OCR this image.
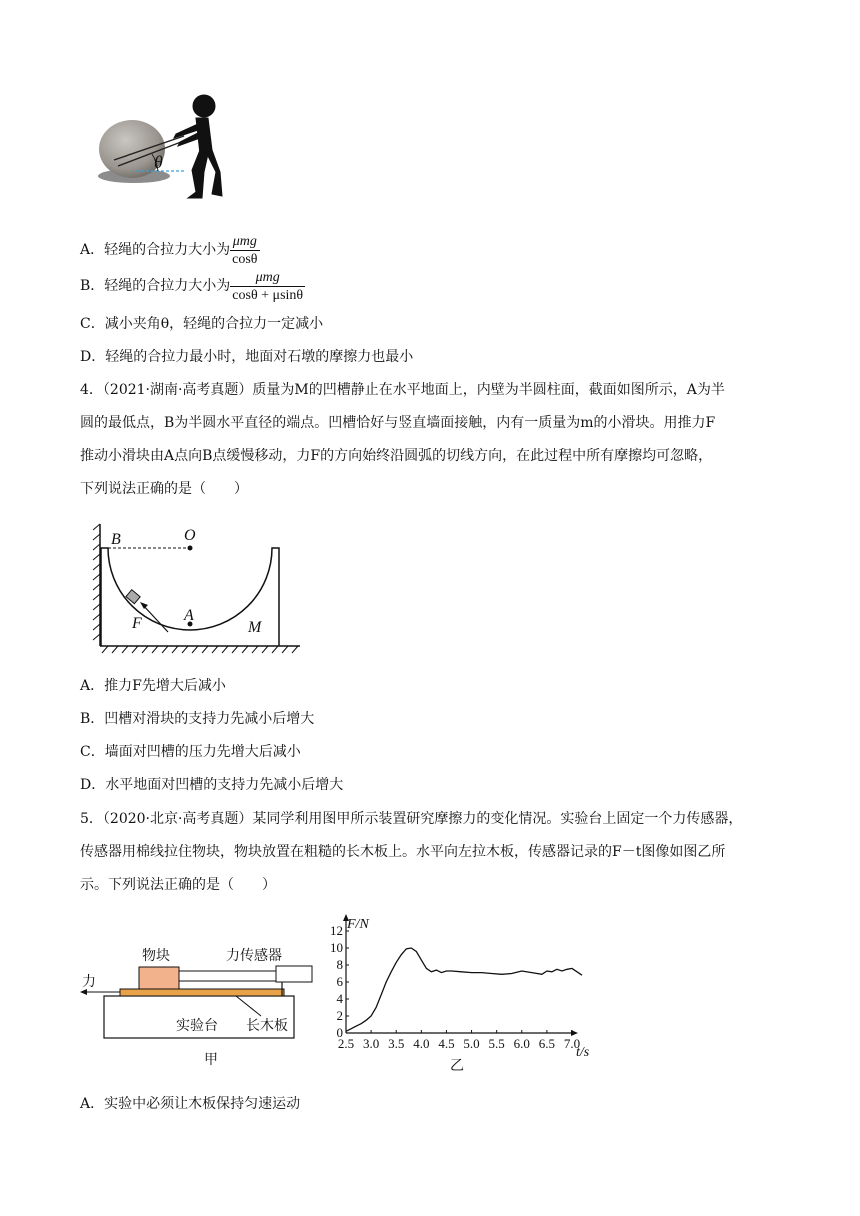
θ
A．轻绳的合拉力大小为 $\frac{\text{μmg}}{\cos\theta}$
B．轻绳的合拉力大小为 $\frac{\text{μmg}}{\cos\theta + \mu\sin\theta}$
C．减小夹角θ，轻绳的合拉力一定减小
D．轻绳的合拉力最小时，地面对石墩的摩擦力也最小
4．（2021·湖南·高考真题）质量为M的凹槽静止在水平地面上，内壁为半圆柱面，截面如图所示，A为半
圆的最低点，B为半圆水平直径的端点。凹槽恰好与竖直墙面接触，内有一质量为m的小滑块。用推力F
推动小滑块由A点向B点缓慢移动，力F的方向始终沿圆弧的切线方向，在此过程中所有摩擦均可忽略，
下列说法正确的是（　　）
B	O
A
F	M
A．推力F先增大后减小
B．凹槽对滑块的支持力先减小后增大
C．墙面对凹槽的压力先增大后减小
D．水平地面对凹槽的支持力先减小后增大
5．（2020·北京·高考真题）某同学利用图甲所示装置研究摩擦力的变化情况。实验台上固定一个力传感器，
传感器用棉线拉住物块，物块放置在粗糙的长木板上。水平向左拉木板，传感器记录的F－t图像如图乙所
示。下列说法正确的是（　　）
物块	力传感器
力
实验台 长木板
甲
0
2
4
6
8
10
12
2.5 3.0 3.5 4.0 4.5 5.0 5.5 6.0 6.5 7.0
F/N
t/s
乙
A．实验中必须让木板保持匀速运动
